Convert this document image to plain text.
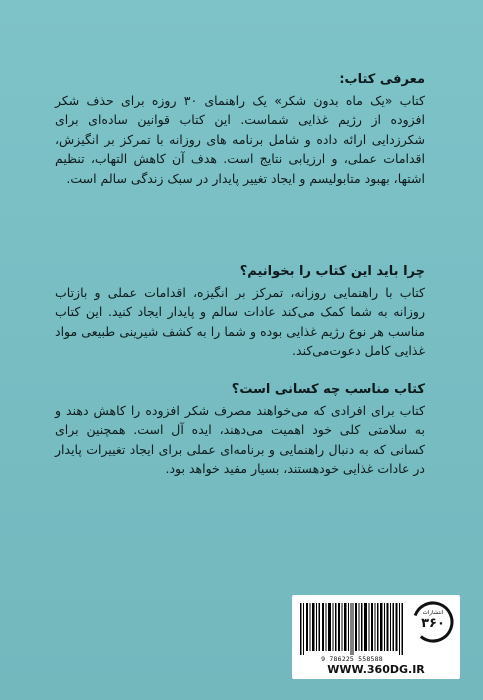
معرفی کتاب:

کتاب «یک ماه بدون شکر» یک راهنمای ۳۰ روزه برای حذف شکر افزوده از رژیم غذایی شماست. این کتاب قوانین ساده‌ای برای شکرزدایی ارائه داده و شامل برنامه های روزانه با تمرکز بر انگیزش، اقدامات عملی، و ارزیابی نتایج است. هدف آن کاهش التهاب، تنظیم اشتها، بهبود متابولیسم و ایجاد تغییر پایدار در سبک زندگی سالم است.

چرا باید این کتاب را بخوانیم؟

کتاب با راهنمایی روزانه، تمرکز بر انگیزه، اقدامات عملی و بازتاب روزانه به شما کمک می‌کند عادات سالم و پایدار ایجاد کنید. این کتاب مناسب هر نوع رژیم غذایی بوده و شما را به کشف شیرینی طبیعی مواد غذایی کامل دعوت‌می‌کند.

کتاب مناسب چه کسانی است؟

کتاب برای افرادی که می‌خواهند مصرف شکر افزوده را کاهش دهند و به سلامتی کلی خود اهمیت می‌دهند، ایده آل است. همچنین برای کسانی که به دنبال راهنمایی و برنامه‌ای عملی برای ایجاد تغییرات پایدار در عادات غذایی خودهستند، بسیار مفید خواهد بود.

9 786225 558588
۳۶۰
انتشارات
WWW.360DG.IR
